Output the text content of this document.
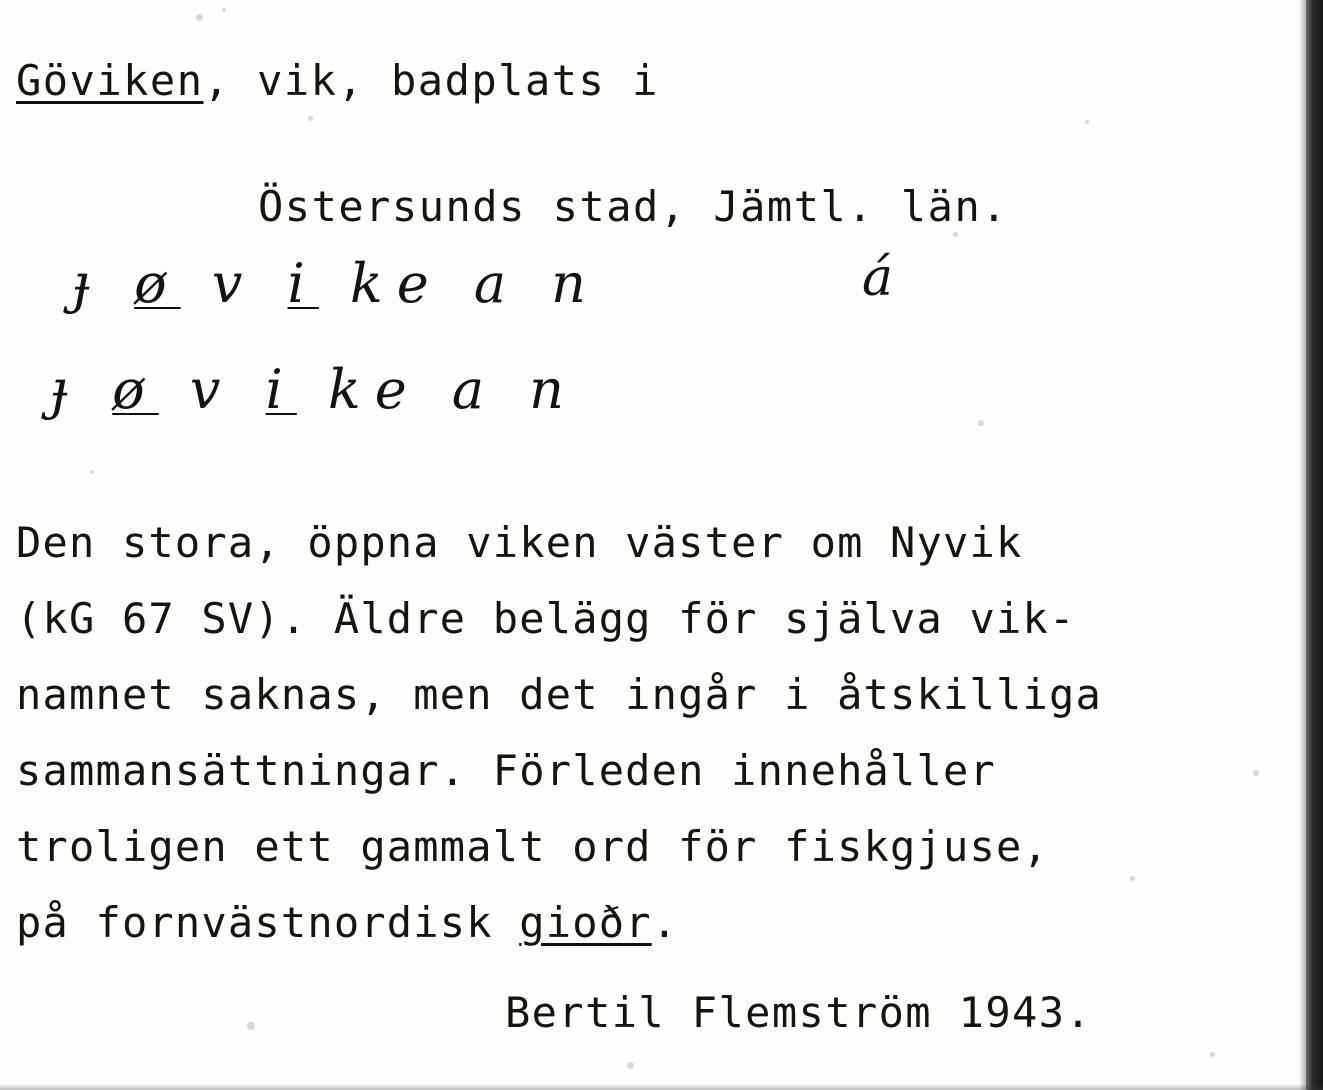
Göviken, vik, badplats i
Östersunds stad, Jämtl. län.
ɟ ø v i ke a n	á
ɟ ø v i ke a n
Den stora, öppna viken väster om Nyvik
(kG 67 SV). Äldre belägg för själva vik-
namnet saknas, men det ingår i åtskilliga
sammansättningar. Förleden innehåller
troligen ett gammalt ord för fiskgjuse,
på fornvästnordisk gioðr.
Bertil Flemström 1943.
